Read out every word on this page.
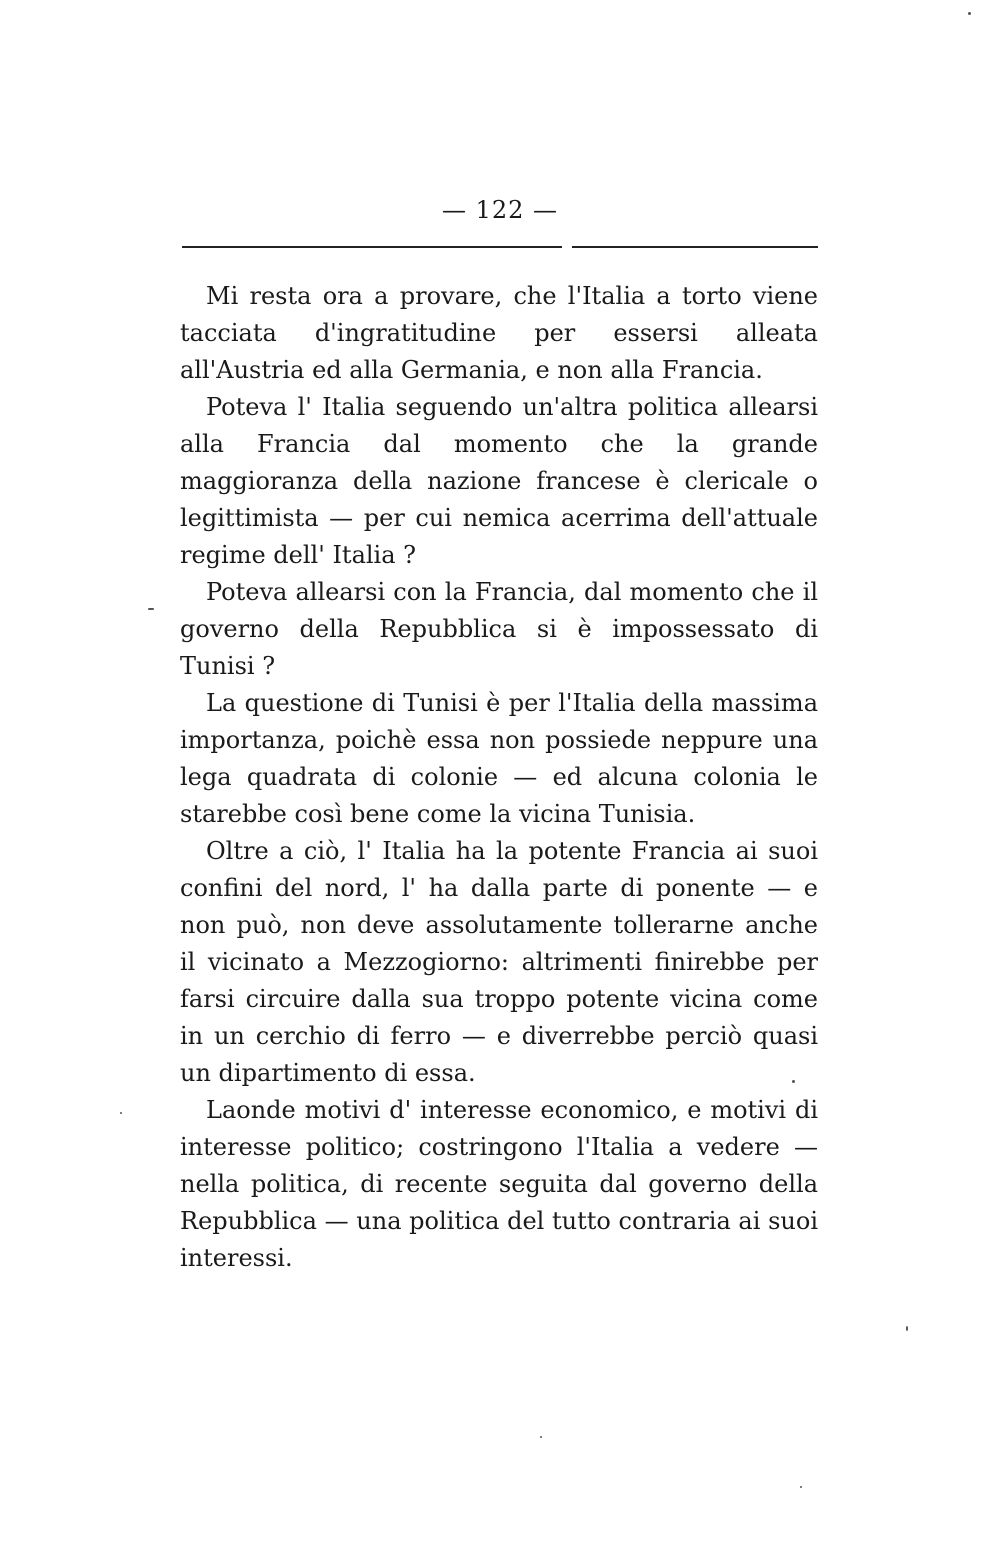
— 122 —

Mi resta ora a provare, che l'Italia a torto viene tacciata d'ingratitudine per essersi alleata all'Austria ed alla Germania, e non alla Francia.

Poteva l' Italia seguendo un'altra politica allearsi alla Francia dal momento che la grande maggioranza della nazione francese è clericale o legittimista — per cui nemica acerrima dell'attuale regime dell' Italia ?

Poteva allearsi con la Francia, dal momento che il governo della Repubblica si è impossessato di Tunisi ?

La questione di Tunisi è per l'Italia della massima importanza, poichè essa non possiede neppure una lega quadrata di colonie — ed alcuna colonia le starebbe così bene come la vicina Tunisia.

Oltre a ciò, l' Italia ha la potente Francia ai suoi confini del nord, l' ha dalla parte di ponente — e non può, non deve assolutamente tollerarne anche il vicinato a Mezzogiorno: altrimenti finirebbe per farsi circuire dalla sua troppo potente vicina come in un cerchio di ferro — e diverrebbe perciò quasi un dipartimento di essa.

Laonde motivi d' interesse economico, e motivi di interesse politico; costringono l'Italia a vedere — nella politica, di recente seguita dal governo della Repubblica — una politica del tutto contraria ai suoi interessi.
